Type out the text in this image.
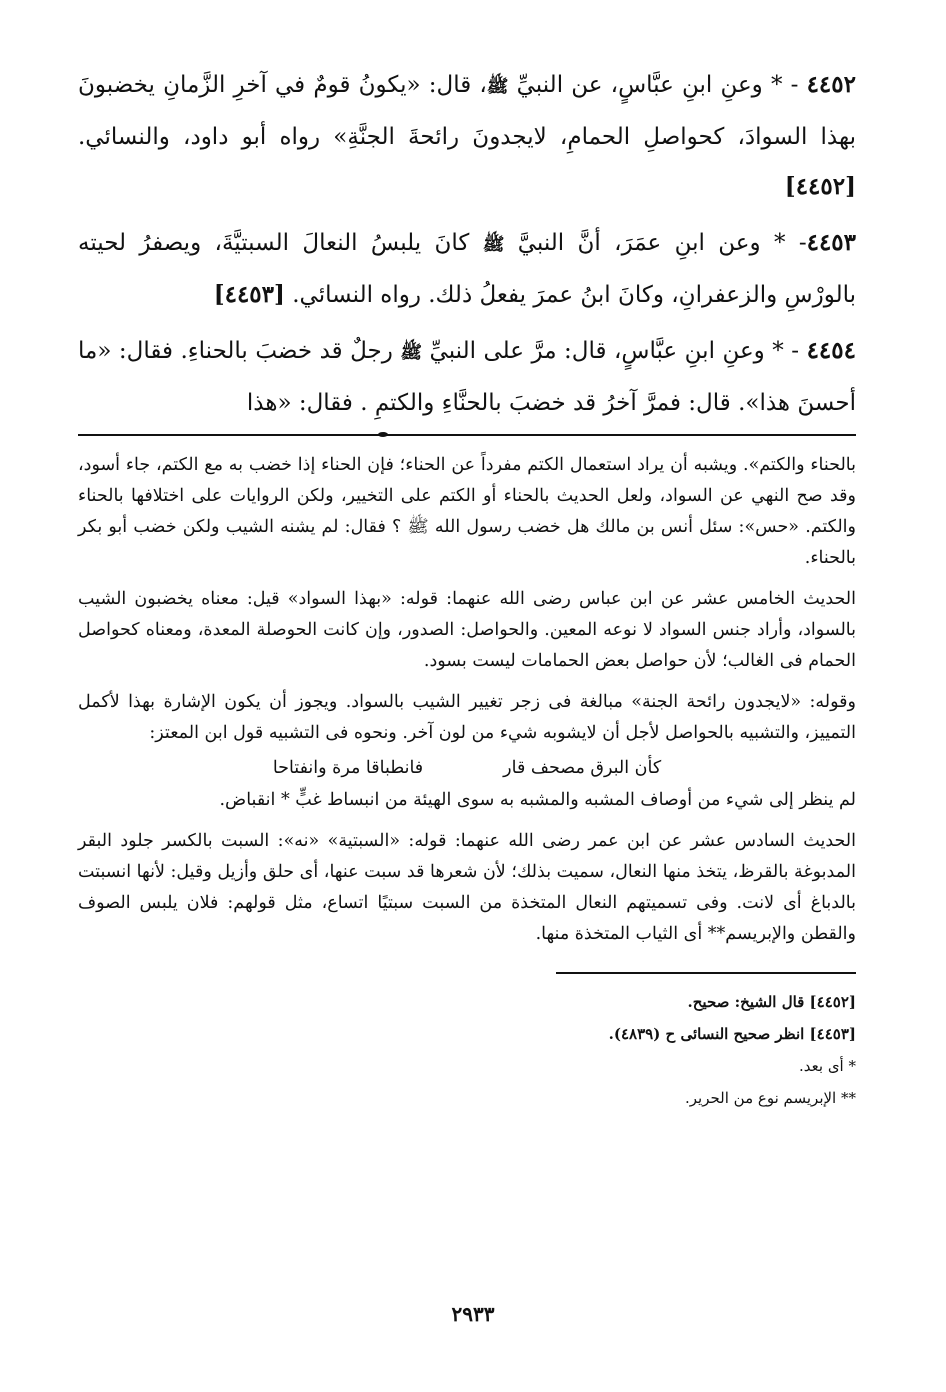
٤٤٥٢ - * وعنِ ابنِ عبَّاسٍ، عن النبيِّ ﷺ، قال: «يكونُ قومٌ في آخرِ الزَّمانِ يخضبونَ بهذا السوادَ، كحواصلِ الحمامِ، لايجدونَ رائحةَ الجنَّةِ» رواه أبو داود، والنسائي. [٤٤٥٢]

٤٤٥٣- * وعن ابنِ عمَرَ، أنَّ النبيَّ ﷺ كانَ يلبسُ النعالَ السبتيَّةَ، ويصفرُ لحيته بالورْسِ والزعفرانِ، وكانَ ابنُ عمرَ يفعلُ ذلك. رواه النسائي. [٤٤٥٣]

٤٤٥٤ - * وعنِ ابنِ عبَّاسٍ، قال: مرَّ على النبيِّ ﷺ رجلٌ قد خضبَ بالحناءِ. فقال: «ما أحسنَ هذا». قال: فمرَّ آخرُ قد خضبَ بالحنَّاءِ والكتمِ . فقال: «هذا

بالحناء والكتم». ويشبه أن يراد استعمال الكتم مفرداً عن الحناء؛ فإن الحناء إذا خضب به مع الكتم، جاء أسود، وقد صح النهي عن السواد، ولعل الحديث بالحناء أو الكتم على التخيير، ولكن الروايات على اختلافها بالحناء والكتم. «حس»: سئل أنس بن مالك هل خضب رسول الله ﷺ ؟ فقال: لم يشنه الشيب ولكن خضب أبو بكر بالحناء.

الحديث الخامس عشر عن ابن عباس رضى الله عنهما: قوله: «بهذا السواد» قيل: معناه يخضبون الشيب بالسواد، وأراد جنس السواد لا نوعه المعين. والحواصل: الصدور، وإن كانت الحوصلة المعدة، ومعناه كحواصل الحمام فى الغالب؛ لأن حواصل بعض الحمامات ليست بسود.

وقوله: «لايجدون رائحة الجنة» مبالغة فى زجر تغيير الشيب بالسواد. ويجوز أن يكون الإشارة بهذا لأكمل التمييز، والتشبيه بالحواصل لأجل أن لايشوبه شيء من لون آخر. ونحوه فى التشبيه قول ابن المعتز:

كأن البرق مصحف قار
فانطباقا مرة وانفتاحا

لم ينظر إلى شيء من أوصاف المشبه والمشبه به سوى الهيئة من انبساط غبٍّ * انقباض.

الحديث السادس عشر عن ابن عمر رضى الله عنهما: قوله: «السبتية» «نه»: السبت بالكسر جلود البقر المدبوغة بالقرظ، يتخذ منها النعال، سميت بذلك؛ لأن شعرها قد سبت عنها، أى حلق وأزيل وقيل: لأنها انسبتت بالدباغ أى لانت. وفى تسميتهم النعال المتخذة من السبت سبتيًا اتساع، مثل قولهم: فلان يلبس الصوف والقطن والإبريسم** أى الثياب المتخذة منها.

[٤٤٥٢] قال الشيخ: صحيح.

[٤٤٥٣] انظر صحيح النسائى ح (٤٨٣٩).

* أى بعد.

** الإبريسم نوع من الحرير.

٢٩٣٣
